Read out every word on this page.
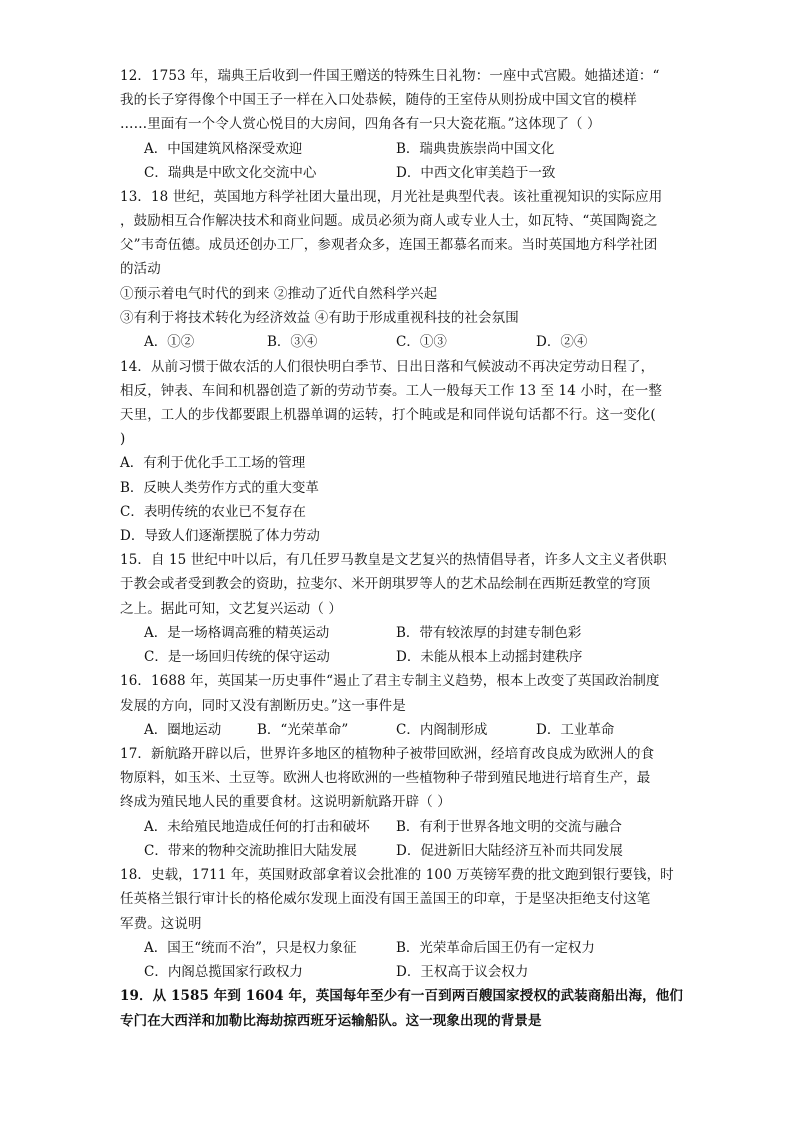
12．1753 年，瑞典王后收到一件国王赠送的特殊生日礼物：一座中式宫殿。她描述道：“
我的长子穿得像个中国王子一样在入口处恭候，随侍的王室侍从则扮成中国文官的模样
……里面有一个令人赏心悦目的大房间，四角各有一只大瓷花瓶。”这体现了（ ）
A．中国建筑风格深受欢迎	B．瑞典贵族崇尚中国文化
C．瑞典是中欧文化交流中心	D．中西文化审美趋于一致
13．18 世纪，英国地方科学社团大量出现，月光社是典型代表。该社重视知识的实际应用
，鼓励相互合作解决技术和商业问题。成员必须为商人或专业人士，如瓦特、“英国陶瓷之
父”韦奇伍德。成员还创办工厂，参观者众多，连国王都慕名而来。当时英国地方科学社团
的活动
①预示着电气时代的到来 ②推动了近代自然科学兴起
③有利于将技术转化为经济效益 ④有助于形成重视科技的社会氛围
A．①②	B．③④	C．①③	D．②④
14．从前习惯于做农活的人们很快明白季节、日出日落和气候波动不再决定劳动日程了，
相反，钟表、车间和机器创造了新的劳动节奏。工人一般每天工作 13 至 14 小时，在一整
天里，工人的步伐都要跟上机器单调的运转，打个盹或是和同伴说句话都不行。这一变化(
)
A．有利于优化手工工场的管理
B．反映人类劳作方式的重大变革
C．表明传统的农业已不复存在
D．导致人们逐渐摆脱了体力劳动
15．自 15 世纪中叶以后，有几任罗马教皇是文艺复兴的热情倡导者，许多人文主义者供职
于教会或者受到教会的资助，拉斐尔、米开朗琪罗等人的艺术品绘制在西斯廷教堂的穹顶
之上。据此可知，文艺复兴运动（ ）
A．是一场格调高雅的精英运动	B．带有较浓厚的封建专制色彩
C．是一场回归传统的保守运动	D．未能从根本上动摇封建秩序
16．1688 年，英国某一历史事件“遏止了君主专制主义趋势，根本上改变了英国政治制度
发展的方向，同时又没有割断历史。”这一事件是
A．圈地运动	B．“光荣革命”	C．内阁制形成	D．工业革命
17．新航路开辟以后，世界许多地区的植物种子被带回欧洲，经培育改良成为欧洲人的食
物原料，如玉米、土豆等。欧洲人也将欧洲的一些植物种子带到殖民地进行培育生产，最
终成为殖民地人民的重要食材。这说明新航路开辟（ ）
A．未给殖民地造成任何的打击和破坏 B．有利于世界各地文明的交流与融合
C．带来的物种交流助推旧大陆发展	D．促进新旧大陆经济互补而共同发展
18．史载，1711 年，英国财政部拿着议会批准的 100 万英镑军费的批文跑到银行要钱，时
任英格兰银行审计长的格伦威尔发现上面没有国王盖国王的印章，于是坚决拒绝支付这笔
军费。这说明
A．国王“统而不治”，只是权力象征	B．光荣革命后国王仍有一定权力
C．内阁总揽国家行政权力	D．王权高于议会权力
19．从 1585 年到 1604 年，英国每年至少有一百到两百艘国家授权的武装商船出海，他们
专门在大西洋和加勒比海劫掠西班牙运输船队。这一现象出现的背景是
